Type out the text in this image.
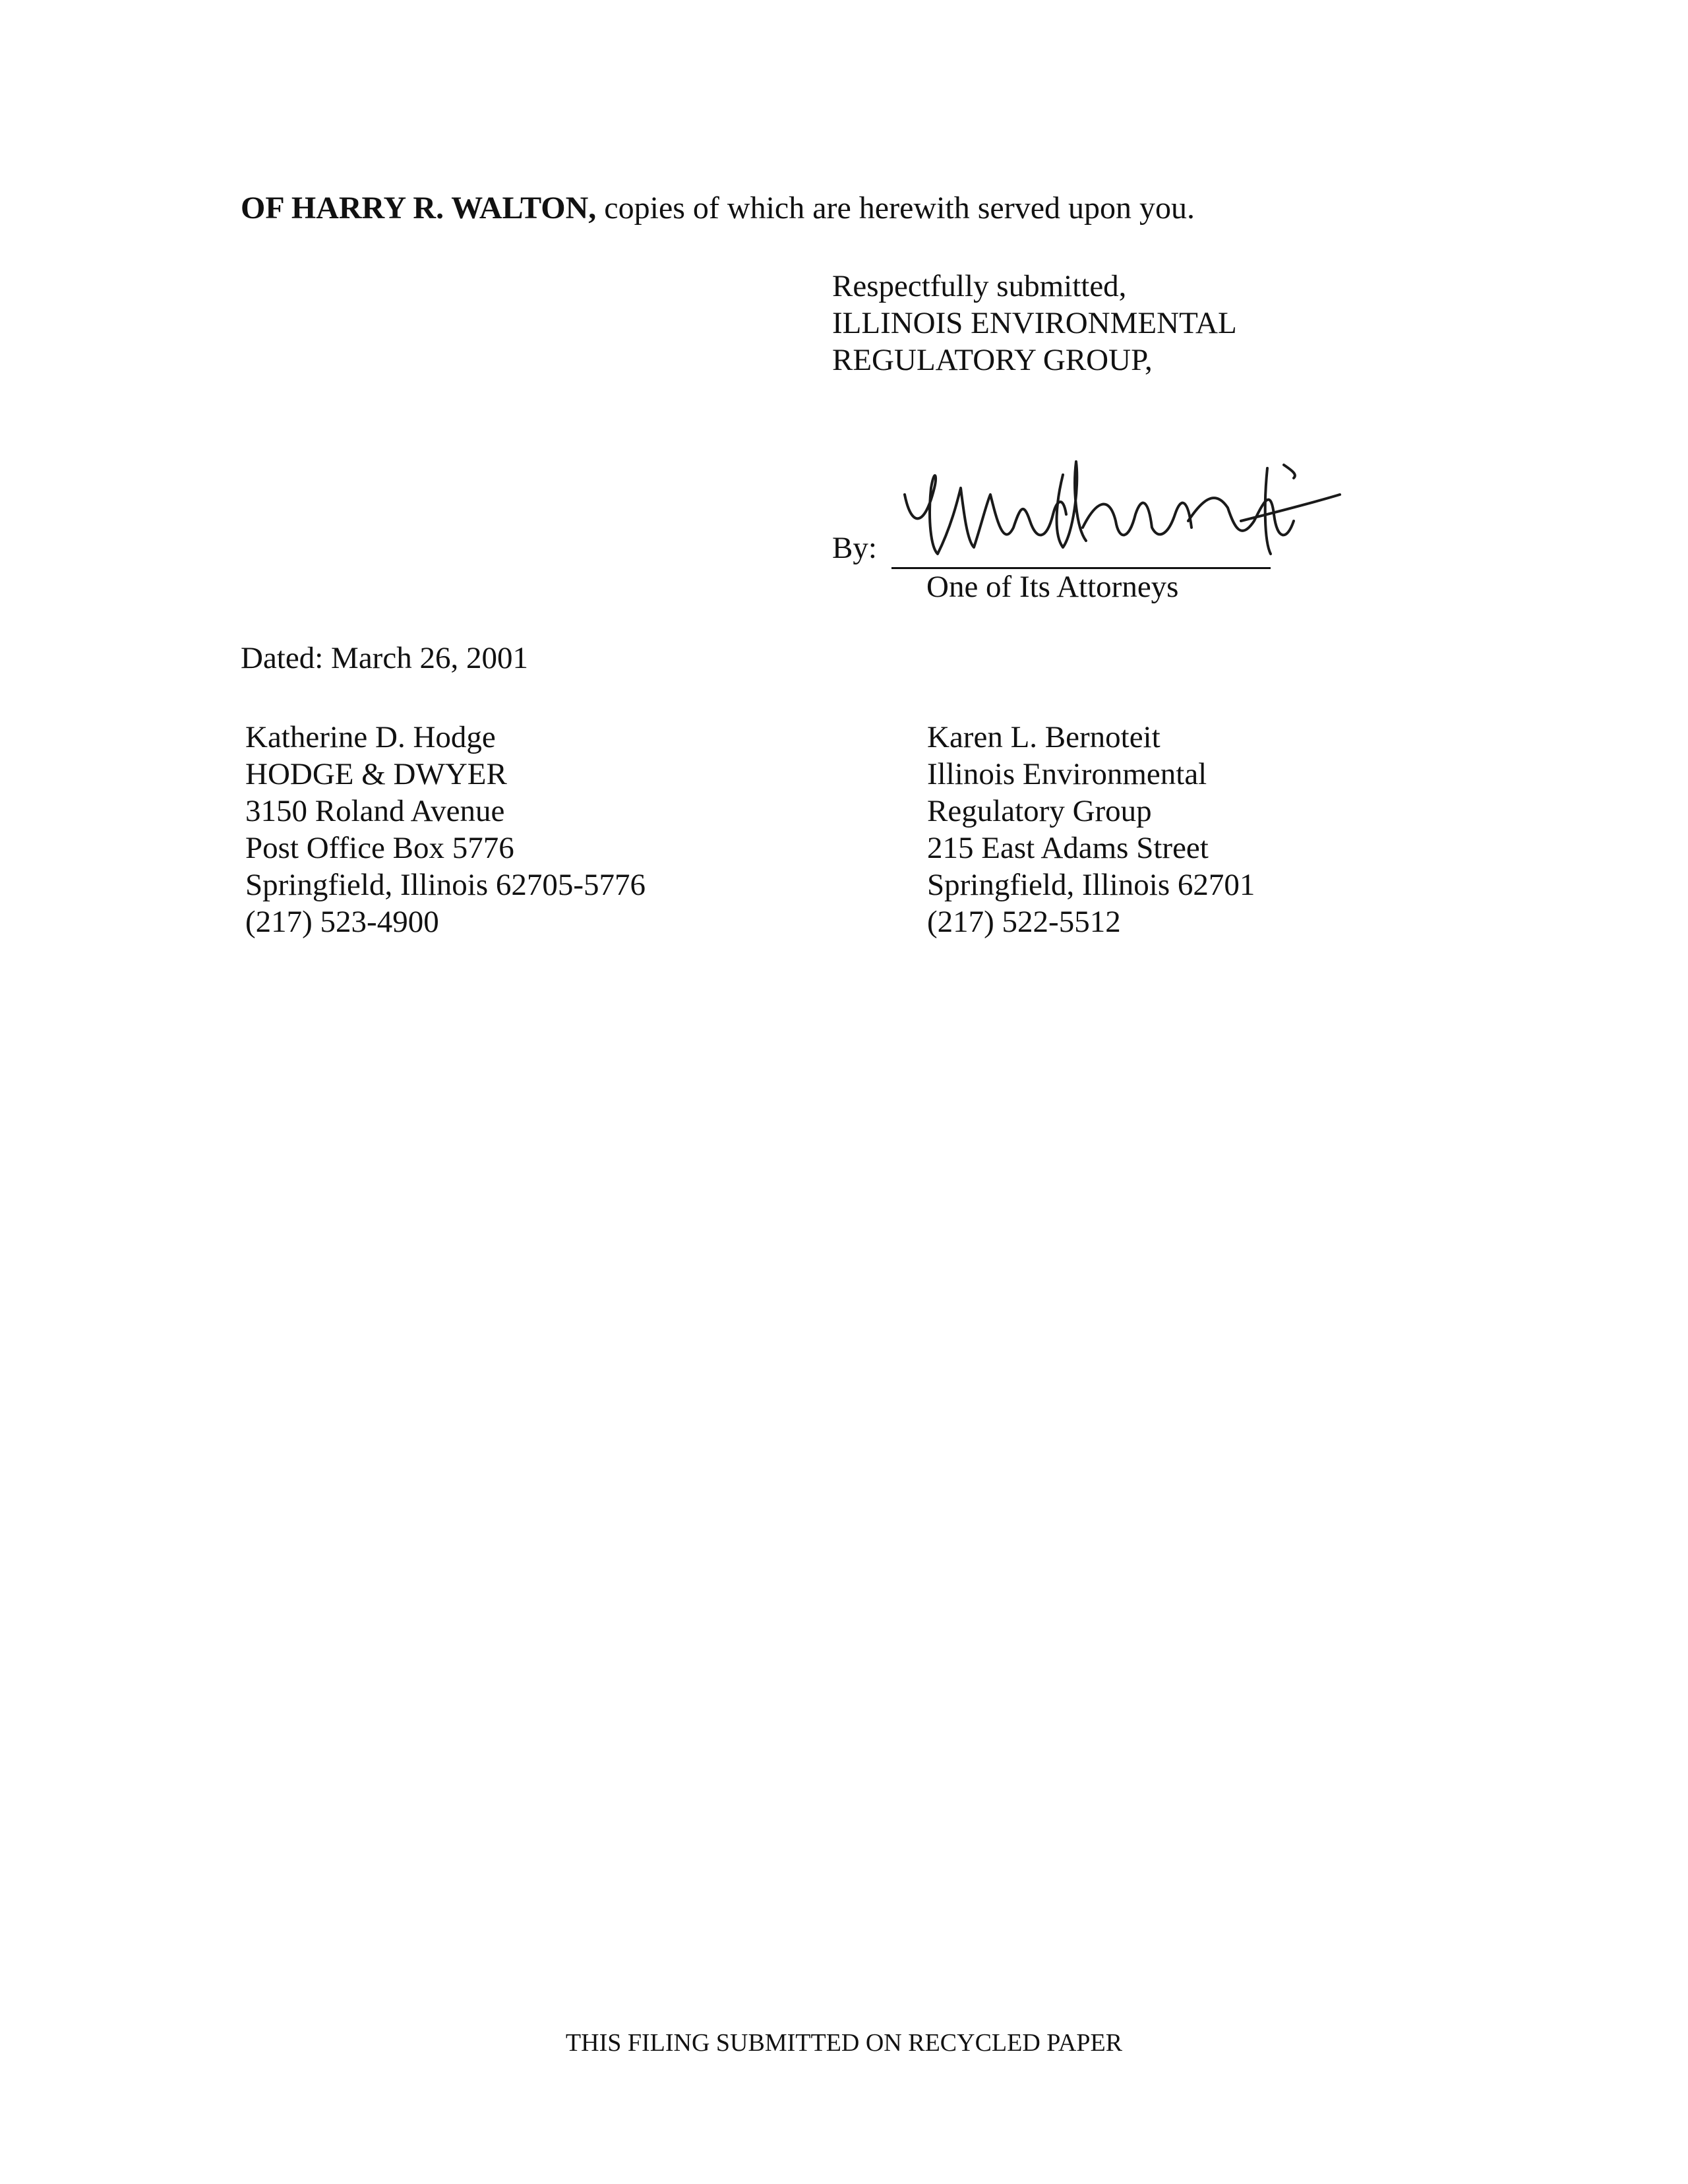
OF HARRY R. WALTON, copies of which are herewith served upon you.
Respectfully submitted,
ILLINOIS ENVIRONMENTAL
REGULATORY GROUP,
By:
One of Its Attorneys
Dated: March 26, 2001
Katherine D. Hodge
HODGE & DWYER
3150 Roland Avenue
Post Office Box 5776
Springfield, Illinois 62705-5776
(217) 523-4900
Karen L. Bernoteit
Illinois Environmental
Regulatory Group
215 East Adams Street
Springfield, Illinois 62701
(217) 522-5512
THIS FILING SUBMITTED ON RECYCLED PAPER
